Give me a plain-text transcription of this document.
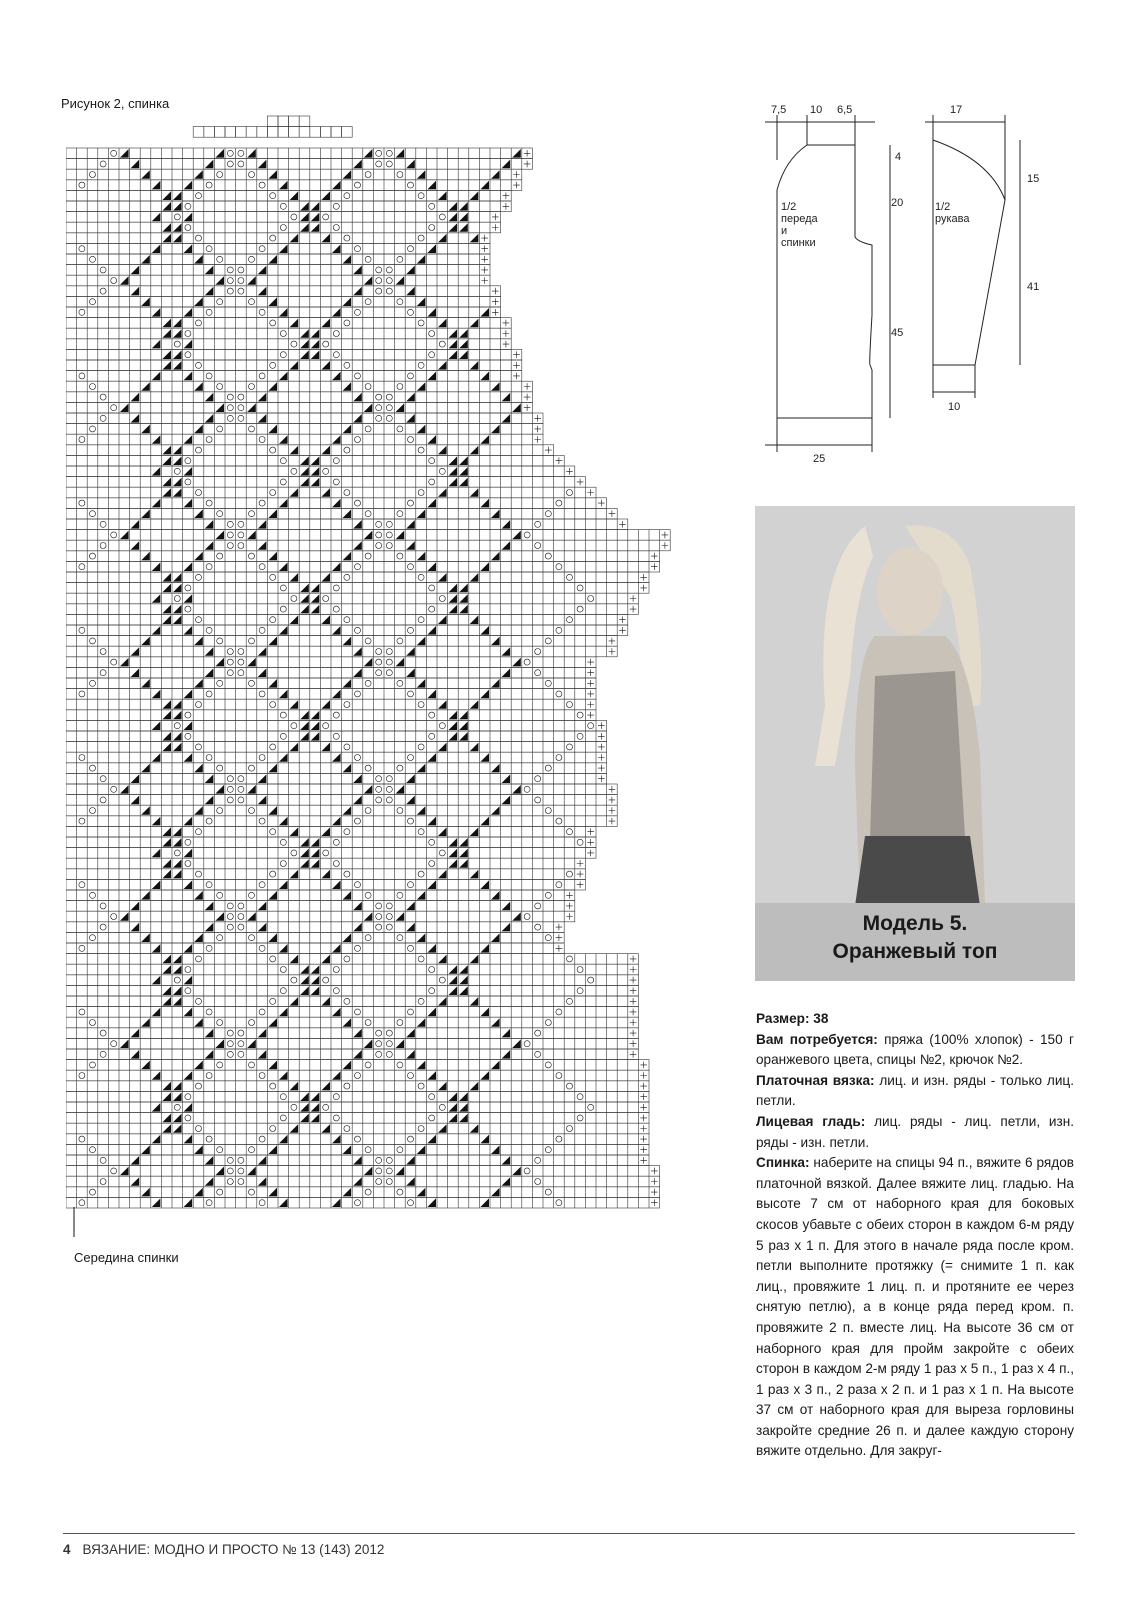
Рисунок 2, спинка
Середина спинки
7,5 10 6,5
1/2
переда
и
спинки
4
20
45
25
17
1/2
рукава
15
41
10
Модель 5.
Оранжевый топ

Размер: 38

Вам потребуется: пряжа (100% хлопок) - 150 г оранжевого цвета, спицы №2, крючок №2.

Платочная вязка: лиц. и изн. ряды - только лиц. петли.

Лицевая гладь: лиц. ряды - лиц. петли, изн. ряды - изн. петли.

Спинка: наберите на спицы 94 п., вяжите 6 рядов платочной вязкой. Далее вяжите лиц. гладью. На высоте 7 см от наборного края для боковых скосов убавьте с обеих сторон в каждом 6-м ряду 5 раз х 1 п. Для этого в начале ряда после кром. петли выполните протяжку (= снимите 1 п. как лиц., провяжите 1 лиц. п. и протяните ее через снятую петлю), а в конце ряда перед кром. п. провяжите 2 п. вместе лиц. На высоте 36 см от наборного края для пройм закройте с обеих сторон в каждом 2-м ряду 1 раз х 5 п., 1 раз х 4 п., 1 раз х 3 п., 2 раза х 2 п. и 1 раз х 1 п. На высоте 37 см от наборного края для выреза горловины закройте средние 26 п. и далее каждую сторону вяжите отдельно. Для закруг-

4 ВЯЗАНИЕ: МОДНО И ПРОСТО № 13 (143) 2012
